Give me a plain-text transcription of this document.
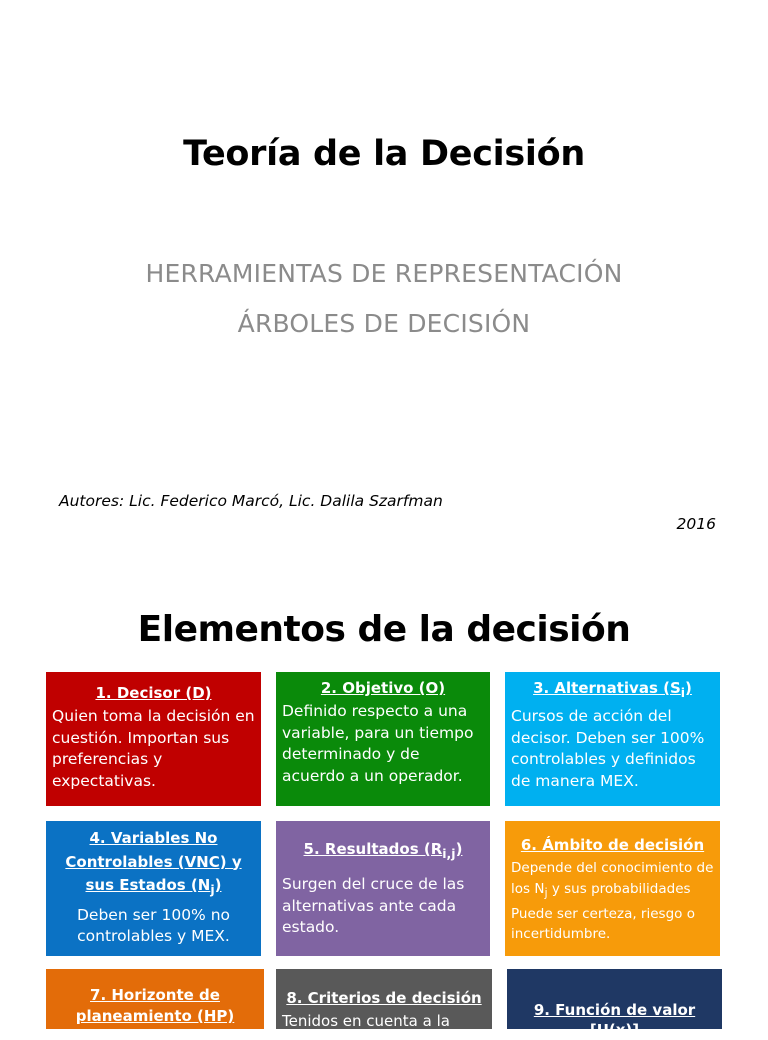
Teoría de la Decisión
HERRAMIENTAS DE REPRESENTACIÓN
ÁRBOLES DE DECISIÓN
Autores: Lic. Federico Marcó, Lic. Dalila Szarfman
2016
Elementos de la decisión
1. Decisor (D)
Quien toma la decisión en cuestión. Importan sus preferencias y expectativas.
2. Objetivo (O)
Definido respecto a una variable, para un tiempo determinado y de acuerdo a un operador.
3. Alternativas $(S_i)$
Cursos de acción del decisor. Deben ser 100% controlables y definidos de manera MEX.
4. Variables No
Controlables (VNC) y
sus Estados $(N_j)$
Deben ser 100% no controlables y MEX.
5. Resultados $(R_{i,j})$
Surgen del cruce de las alternativas ante cada estado.
6. Ámbito de decisión
Depende del conocimiento de los $N_j$ y sus probabilidades
Puede ser certeza, riesgo o incertidumbre.
7. Horizonte de
planeamiento (HP)
8. Criterios de decisión
Tenidos en cuenta a la
9. Función de valor [U(x)]
